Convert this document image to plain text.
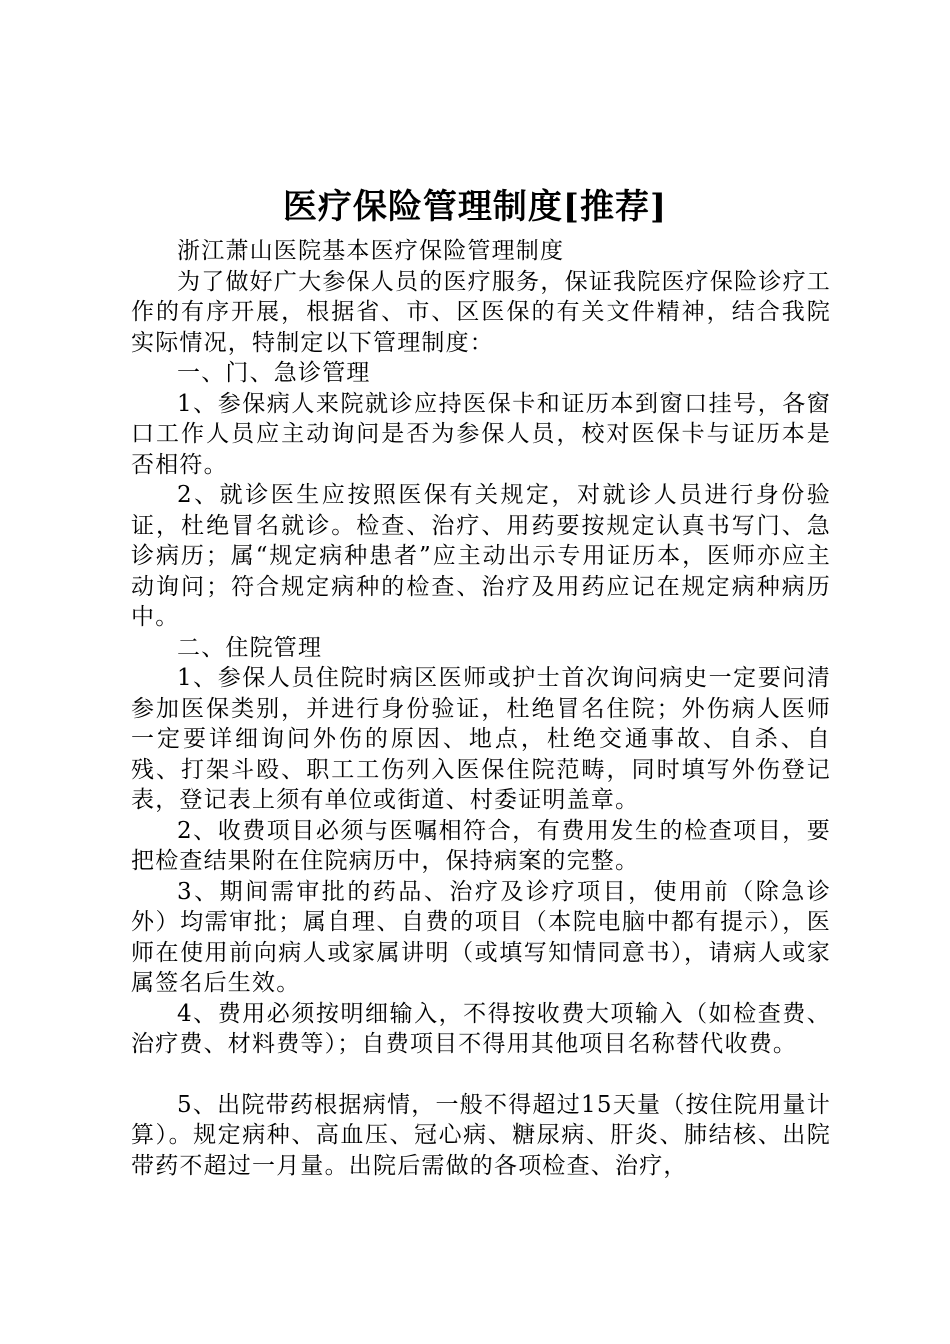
医疗保险管理制度[推荐]

浙江萧山医院基本医疗保险管理制度

为了做好广大参保人员的医疗服务，保证我院医疗保险诊疗工作的有序开展，根据省、市、区医保的有关文件精神，结合我院实际情况，特制定以下管理制度：

一、门、急诊管理

1、参保病人来院就诊应持医保卡和证历本到窗口挂号，各窗口工作人员应主动询问是否为参保人员，校对医保卡与证历本是否相符。

2、就诊医生应按照医保有关规定，对就诊人员进行身份验证，杜绝冒名就诊。检查、治疗、用药要按规定认真书写门、急诊病历；属“规定病种患者”应主动出示专用证历本，医师亦应主动询问；符合规定病种的检查、治疗及用药应记在规定病种病历中。

二、住院管理

1、参保人员住院时病区医师或护士首次询问病史一定要问清参加医保类别，并进行身份验证，杜绝冒名住院；外伤病人医师一定要详细询问外伤的原因、地点，杜绝交通事故、自杀、自残、打架斗殴、职工工伤列入医保住院范畴，同时填写外伤登记表，登记表上须有单位或街道、村委证明盖章。

2、收费项目必须与医嘱相符合，有费用发生的检查项目，要把检查结果附在住院病历中，保持病案的完整。

3、期间需审批的药品、治疗及诊疗项目，使用前（除急诊外）均需审批；属自理、自费的项目（本院电脑中都有提示），医师在使用前向病人或家属讲明（或填写知情同意书），请病人或家属签名后生效。

4、费用必须按明细输入，不得按收费大项输入（如检查费、治疗费、材料费等）；自费项目不得用其他项目名称替代收费。

5、出院带药根据病情，一般不得超过15天量（按住院用量计算）。规定病种、高血压、冠心病、糖尿病、肝炎、肺结核、出院带药不超过一月量。出院后需做的各项检查、治疗，
